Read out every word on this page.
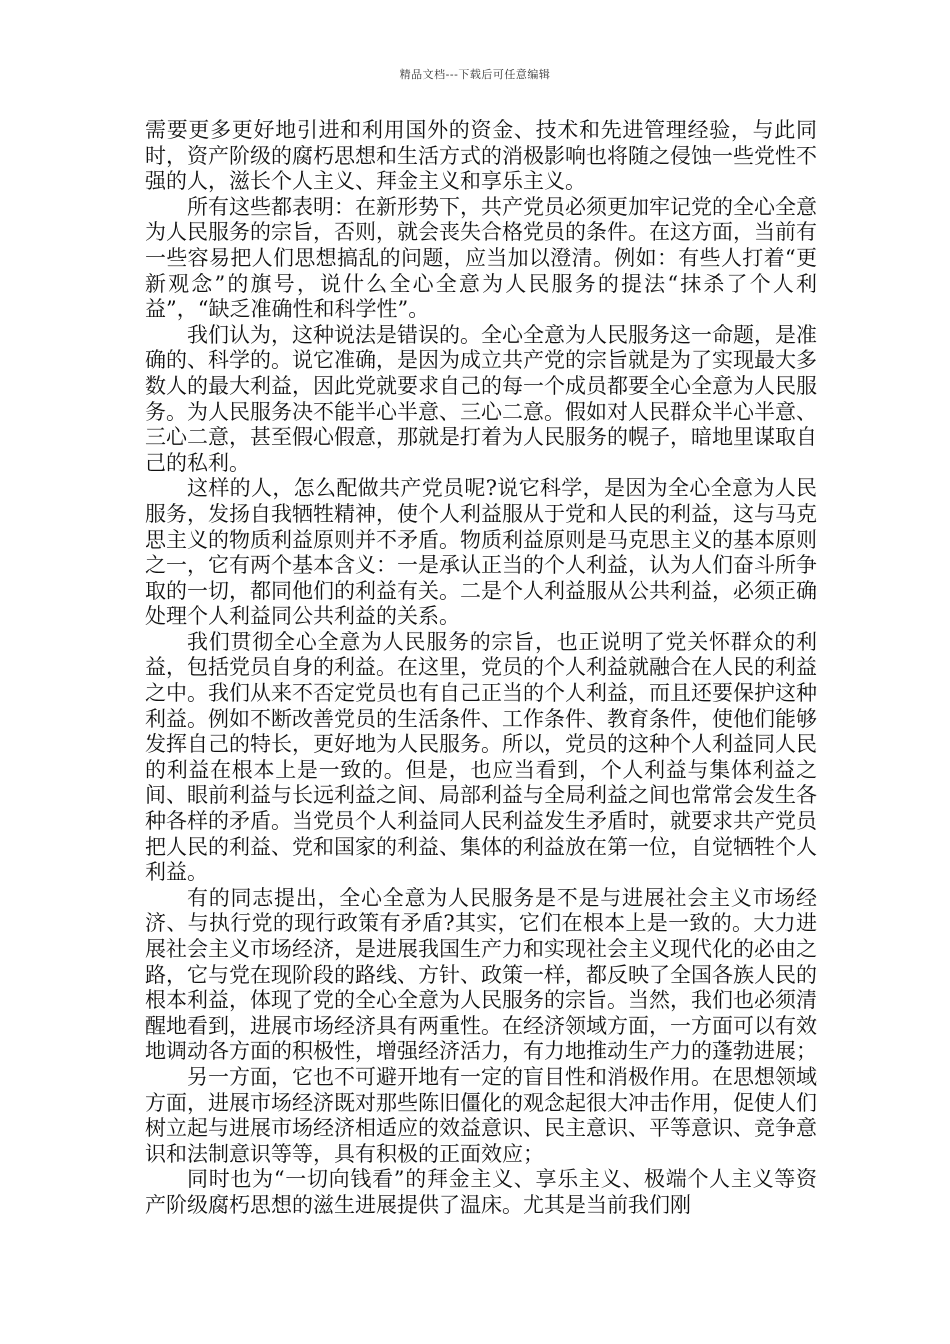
精品文档---下载后可任意编辑

需要更多更好地引进和利用国外的资金、技术和先进管理经验，与此同时，资产阶级的腐朽思想和生活方式的消极影响也将随之侵蚀一些党性不强的人，滋长个人主义、拜金主义和享乐主义。

所有这些都表明：在新形势下，共产党员必须更加牢记党的全心全意为人民服务的宗旨，否则，就会丧失合格党员的条件。在这方面，当前有一些容易把人们思想搞乱的问题，应当加以澄清。例如：有些人打着“更新观念”的旗号，说什么全心全意为人民服务的提法“抹杀了个人利益”，“缺乏准确性和科学性”。

我们认为，这种说法是错误的。全心全意为人民服务这一命题，是准确的、科学的。说它准确，是因为成立共产党的宗旨就是为了实现最大多数人的最大利益，因此党就要求自己的每一个成员都要全心全意为人民服务。为人民服务决不能半心半意、三心二意。假如对人民群众半心半意、三心二意，甚至假心假意，那就是打着为人民服务的幌子，暗地里谋取自己的私利。

这样的人，怎么配做共产党员呢?说它科学，是因为全心全意为人民服务，发扬自我牺牲精神，使个人利益服从于党和人民的利益，这与马克思主义的物质利益原则并不矛盾。物质利益原则是马克思主义的基本原则之一，它有两个基本含义：一是承认正当的个人利益，认为人们奋斗所争取的一切，都同他们的利益有关。二是个人利益服从公共利益，必须正确处理个人利益同公共利益的关系。

我们贯彻全心全意为人民服务的宗旨，也正说明了党关怀群众的利益，包括党员自身的利益。在这里，党员的个人利益就融合在人民的利益之中。我们从来不否定党员也有自己正当的个人利益，而且还要保护这种利益。例如不断改善党员的生活条件、工作条件、教育条件，使他们能够发挥自己的特长，更好地为人民服务。所以，党员的这种个人利益同人民的利益在根本上是一致的。但是，也应当看到，个人利益与集体利益之间、眼前利益与长远利益之间、局部利益与全局利益之间也常常会发生各种各样的矛盾。当党员个人利益同人民利益发生矛盾时，就要求共产党员把人民的利益、党和国家的利益、集体的利益放在第一位，自觉牺牲个人利益。

有的同志提出，全心全意为人民服务是不是与进展社会主义市场经济、与执行党的现行政策有矛盾?其实，它们在根本上是一致的。大力进展社会主义市场经济，是进展我国生产力和实现社会主义现代化的必由之路，它与党在现阶段的路线、方针、政策一样，都反映了全国各族人民的根本利益，体现了党的全心全意为人民服务的宗旨。当然，我们也必须清醒地看到，进展市场经济具有两重性。在经济领域方面，一方面可以有效地调动各方面的积极性，增强经济活力，有力地推动生产力的蓬勃进展；

另一方面，它也不可避开地有一定的盲目性和消极作用。在思想领域方面，进展市场经济既对那些陈旧僵化的观念起很大冲击作用，促使人们树立起与进展市场经济相适应的效益意识、民主意识、平等意识、竞争意识和法制意识等等，具有积极的正面效应；

同时也为“一切向钱看”的拜金主义、享乐主义、极端个人主义等资产阶级腐朽思想的滋生进展提供了温床。尤其是当前我们刚
